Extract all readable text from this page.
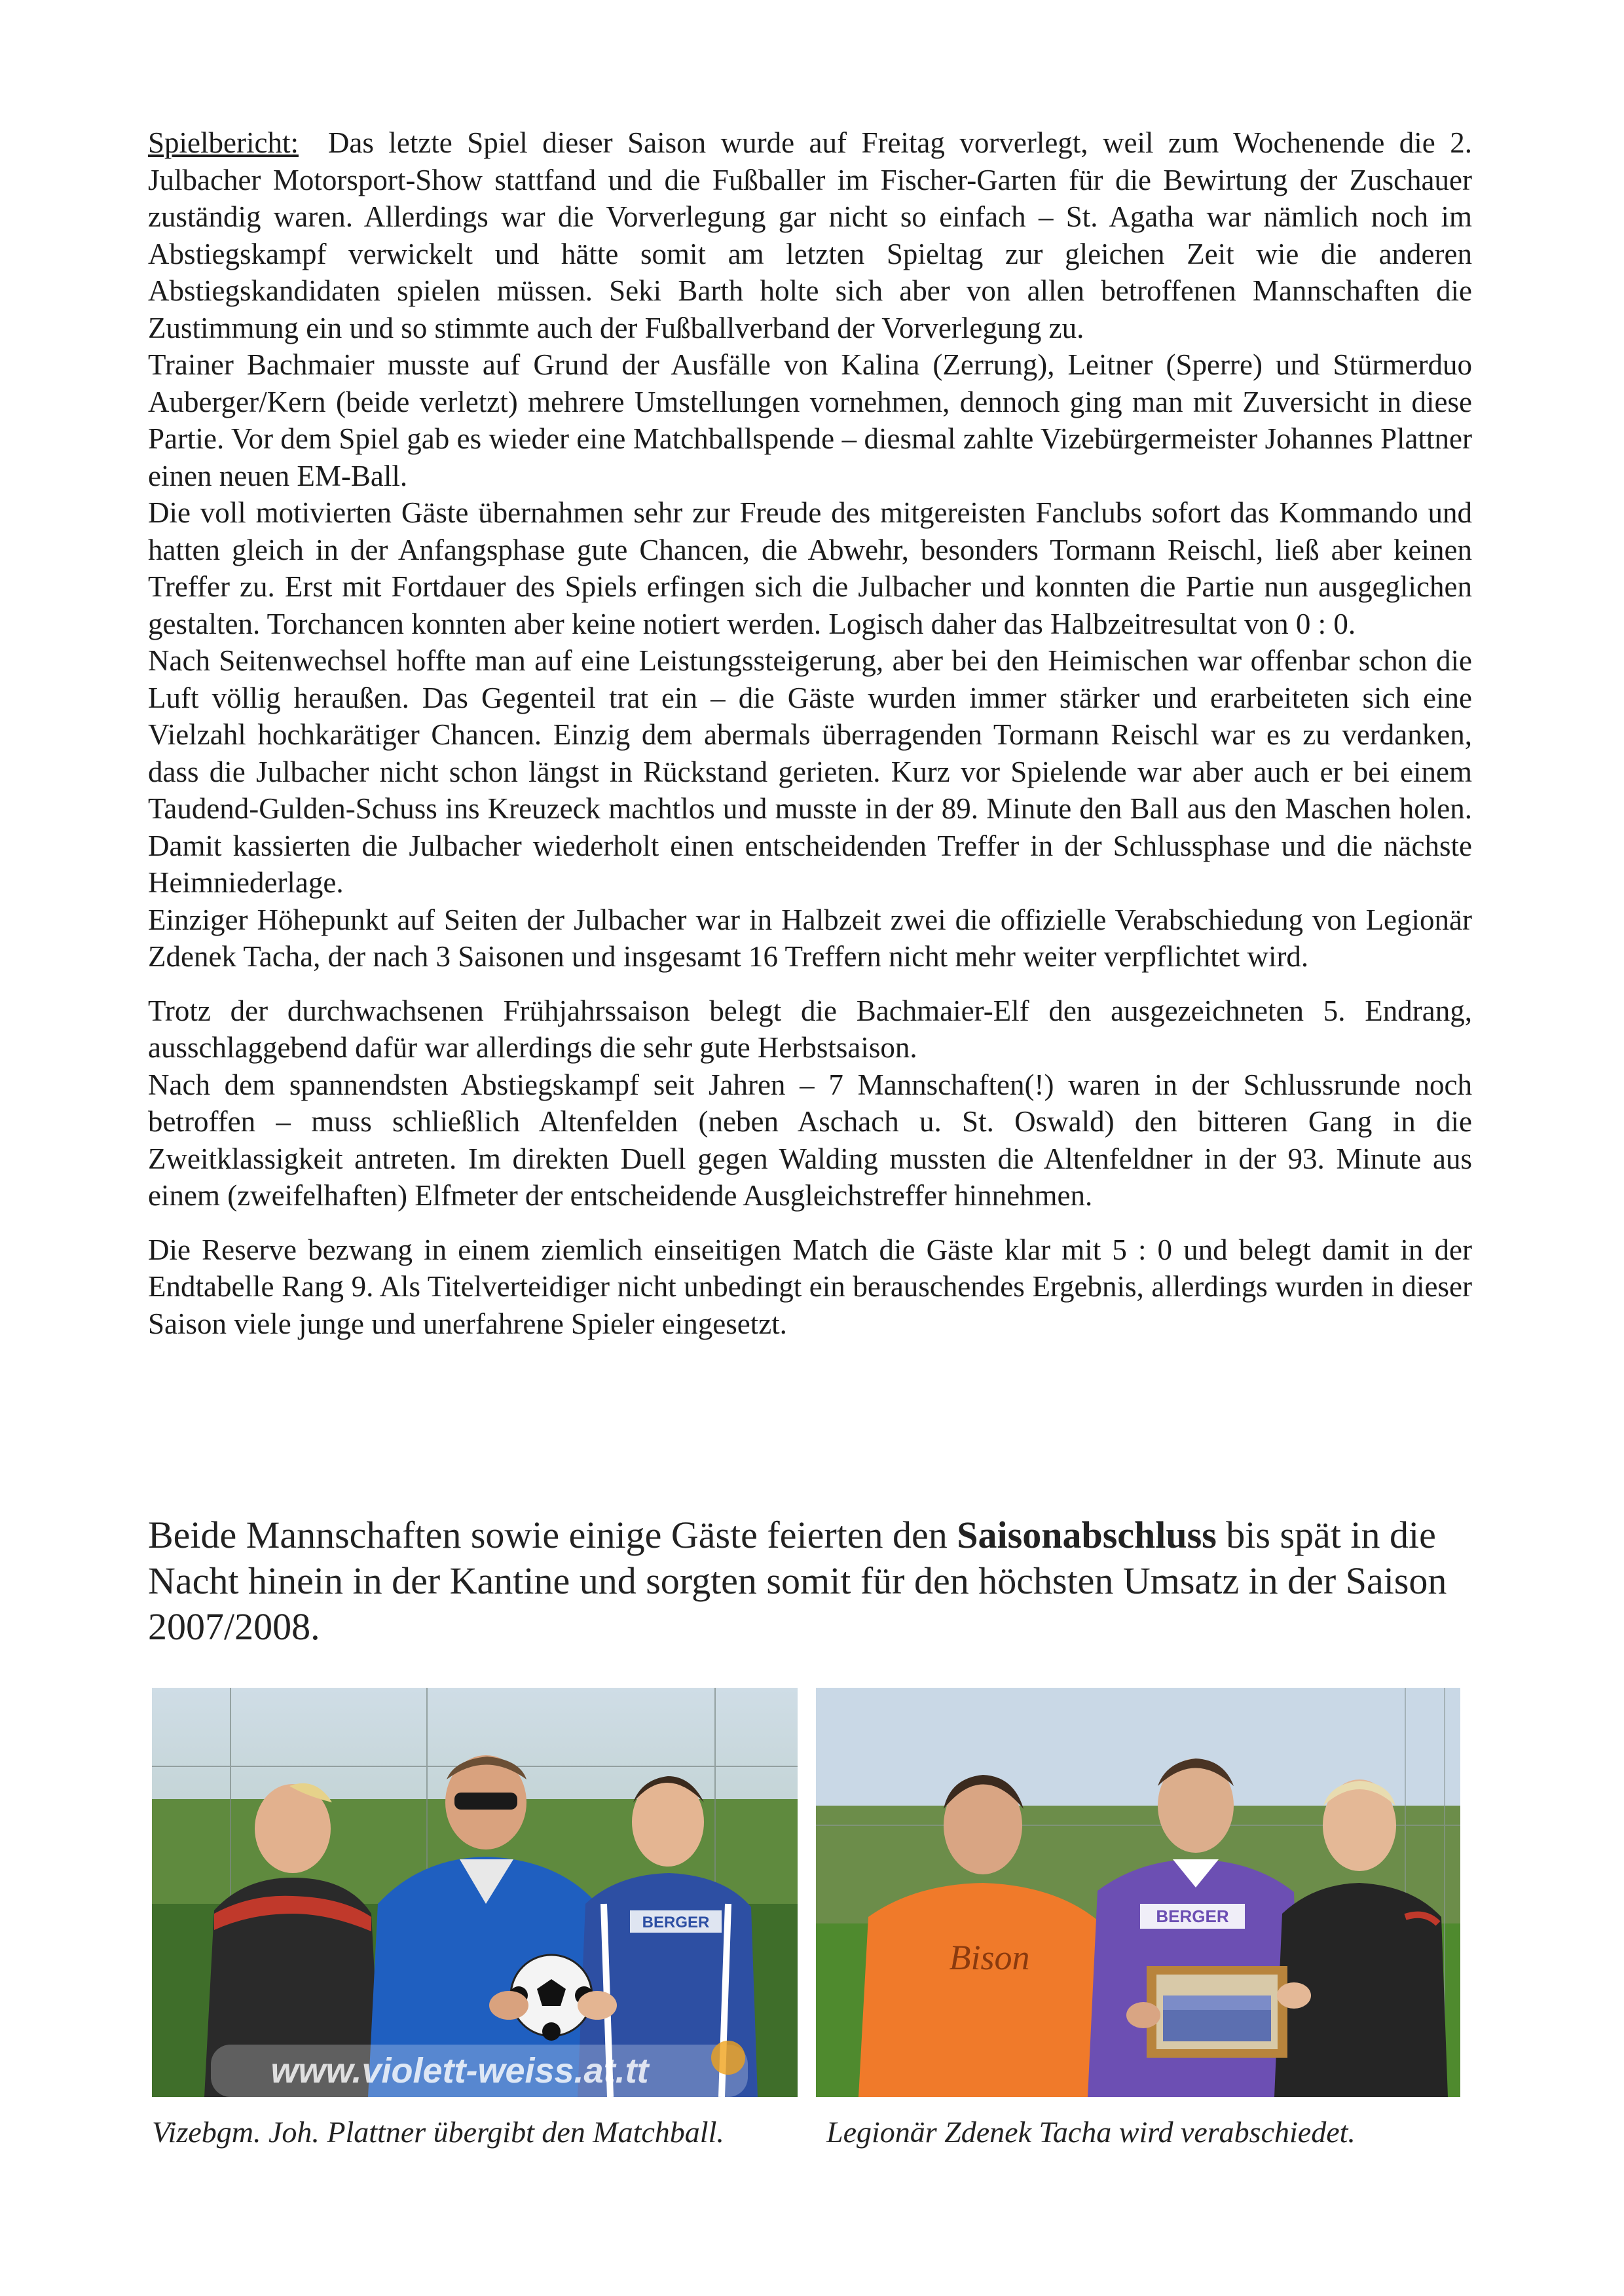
Spielbericht: Das letzte Spiel dieser Saison wurde auf Freitag vorverlegt, weil zum Wochenende die 2. Julbacher Motorsport-Show stattfand und die Fußballer im Fischer-Garten für die Bewirtung der Zuschauer zuständig waren. Allerdings war die Vorverlegung gar nicht so einfach – St. Agatha war nämlich noch im Abstiegskampf verwickelt und hätte somit am letzten Spieltag zur gleichen Zeit wie die anderen Abstiegskandidaten spielen müssen. Seki Barth holte sich aber von allen betroffenen Mannschaften die Zustimmung ein und so stimmte auch der Fußballverband der Vorverlegung zu.

Trainer Bachmaier musste auf Grund der Ausfälle von Kalina (Zerrung), Leitner (Sperre) und Stürmerduo Auberger/Kern (beide verletzt) mehrere Umstellungen vornehmen, dennoch ging man mit Zuversicht in diese Partie. Vor dem Spiel gab es wieder eine Matchballspende – diesmal zahlte Vizebürgermeister Johannes Plattner einen neuen EM-Ball.

Die voll motivierten Gäste übernahmen sehr zur Freude des mitgereisten Fanclubs sofort das Kommando und hatten gleich in der Anfangsphase gute Chancen, die Abwehr, besonders Tormann Reischl, ließ aber keinen Treffer zu. Erst mit Fortdauer des Spiels erfingen sich die Julbacher und konnten die Partie nun ausgeglichen gestalten. Torchancen konnten aber keine notiert werden. Logisch daher das Halbzeitresultat von 0 : 0.

Nach Seitenwechsel hoffte man auf eine Leistungssteigerung, aber bei den Heimischen war offenbar schon die Luft völlig heraußen. Das Gegenteil trat ein – die Gäste wurden immer stärker und erarbeiteten sich eine Vielzahl hochkarätiger Chancen. Einzig dem abermals überragenden Tormann Reischl war es zu verdanken, dass die Julbacher nicht schon längst in Rückstand gerieten. Kurz vor Spielende war aber auch er bei einem Taudend-Gulden-Schuss ins Kreuzeck machtlos und musste in der 89. Minute den Ball aus den Maschen holen. Damit kassierten die Julbacher wiederholt einen entscheidenden Treffer in der Schlussphase und die nächste Heimniederlage.

Einziger Höhepunkt auf Seiten der Julbacher war in Halbzeit zwei die offizielle Verabschiedung von Legionär Zdenek Tacha, der nach 3 Saisonen und insgesamt 16 Treffern nicht mehr weiter verpflichtet wird.

Trotz der durchwachsenen Frühjahrssaison belegt die Bachmaier-Elf den ausgezeichneten 5. Endrang, ausschlaggebend dafür war allerdings die sehr gute Herbstsaison.

Nach dem spannendsten Abstiegskampf seit Jahren – 7 Mannschaften(!) waren in der Schlussrunde noch betroffen – muss schließlich Altenfelden (neben Aschach u. St. Oswald) den bitteren Gang in die Zweitklassigkeit antreten. Im direkten Duell gegen Walding mussten die Altenfeldner in der 93. Minute aus einem (zweifelhaften) Elfmeter der entscheidende Ausgleichstreffer hinnehmen.

Die Reserve bezwang in einem ziemlich einseitigen Match die Gäste klar mit 5 : 0 und belegt damit in der Endtabelle Rang 9. Als Titelverteidiger nicht unbedingt ein berauschendes Ergebnis, allerdings wurden in dieser Saison viele junge und unerfahrene Spieler eingesetzt.

Beide Mannschaften sowie einige Gäste feierten den Saisonabschluss bis spät in die Nacht hinein in der Kantine und sorgten somit für den höchsten Umsatz in der Saison 2007/2008.
BERGER
www.violett-weiss.at.tt
Bison
BERGER
Vizebgm. Joh. Plattner übergibt den Matchball.	Legionär Zdenek Tacha wird verabschiedet.
